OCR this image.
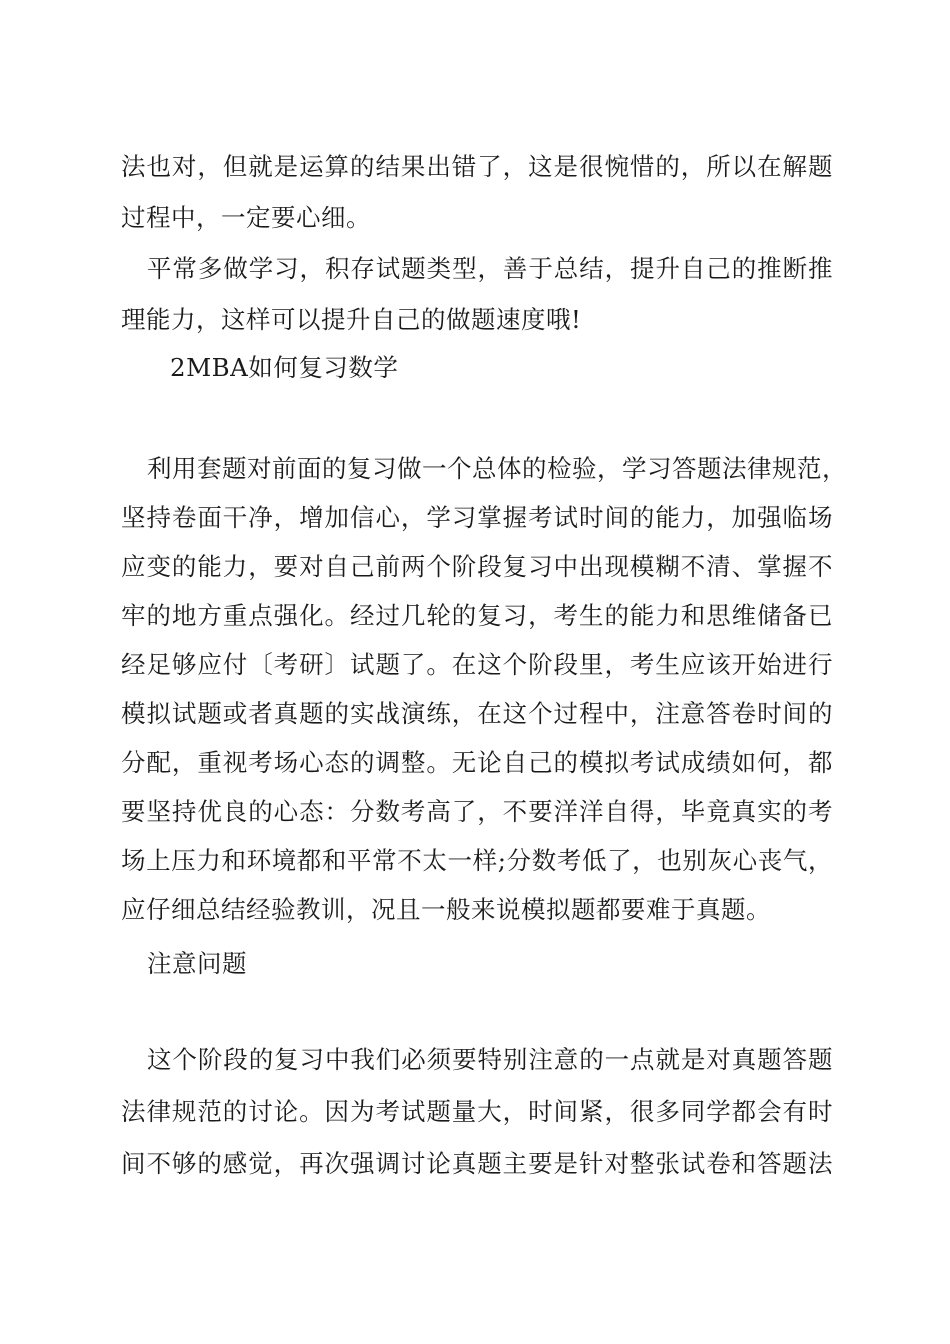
法也对，但就是运算的结果出错了，这是很惋惜的，所以在解题
过程中，一定要心细。
平常多做学习，积存试题类型，善于总结，提升自己的推断推
理能力，这样可以提升自己的做题速度哦!
2MBA如何复习数学
利用套题对前面的复习做一个总体的检验，学习答题法律规范，
坚持卷面干净，增加信心，学习掌握考试时间的能力，加强临场
应变的能力，要对自己前两个阶段复习中出现模糊不清、掌握不
牢的地方重点强化。经过几轮的复习，考生的能力和思维储备已
经足够应付〔考研〕试题了。在这个阶段里，考生应该开始进行
模拟试题或者真题的实战演练，在这个过程中，注意答卷时间的
分配，重视考场心态的调整。无论自己的模拟考试成绩如何，都
要坚持优良的心态：分数考高了，不要洋洋自得，毕竟真实的考
场上压力和环境都和平常不太一样;分数考低了，也别灰心丧气，
应仔细总结经验教训，况且一般来说模拟题都要难于真题。
注意问题
这个阶段的复习中我们必须要特别注意的一点就是对真题答题
法律规范的讨论。因为考试题量大，时间紧，很多同学都会有时
间不够的感觉，再次强调讨论真题主要是针对整张试卷和答题法
